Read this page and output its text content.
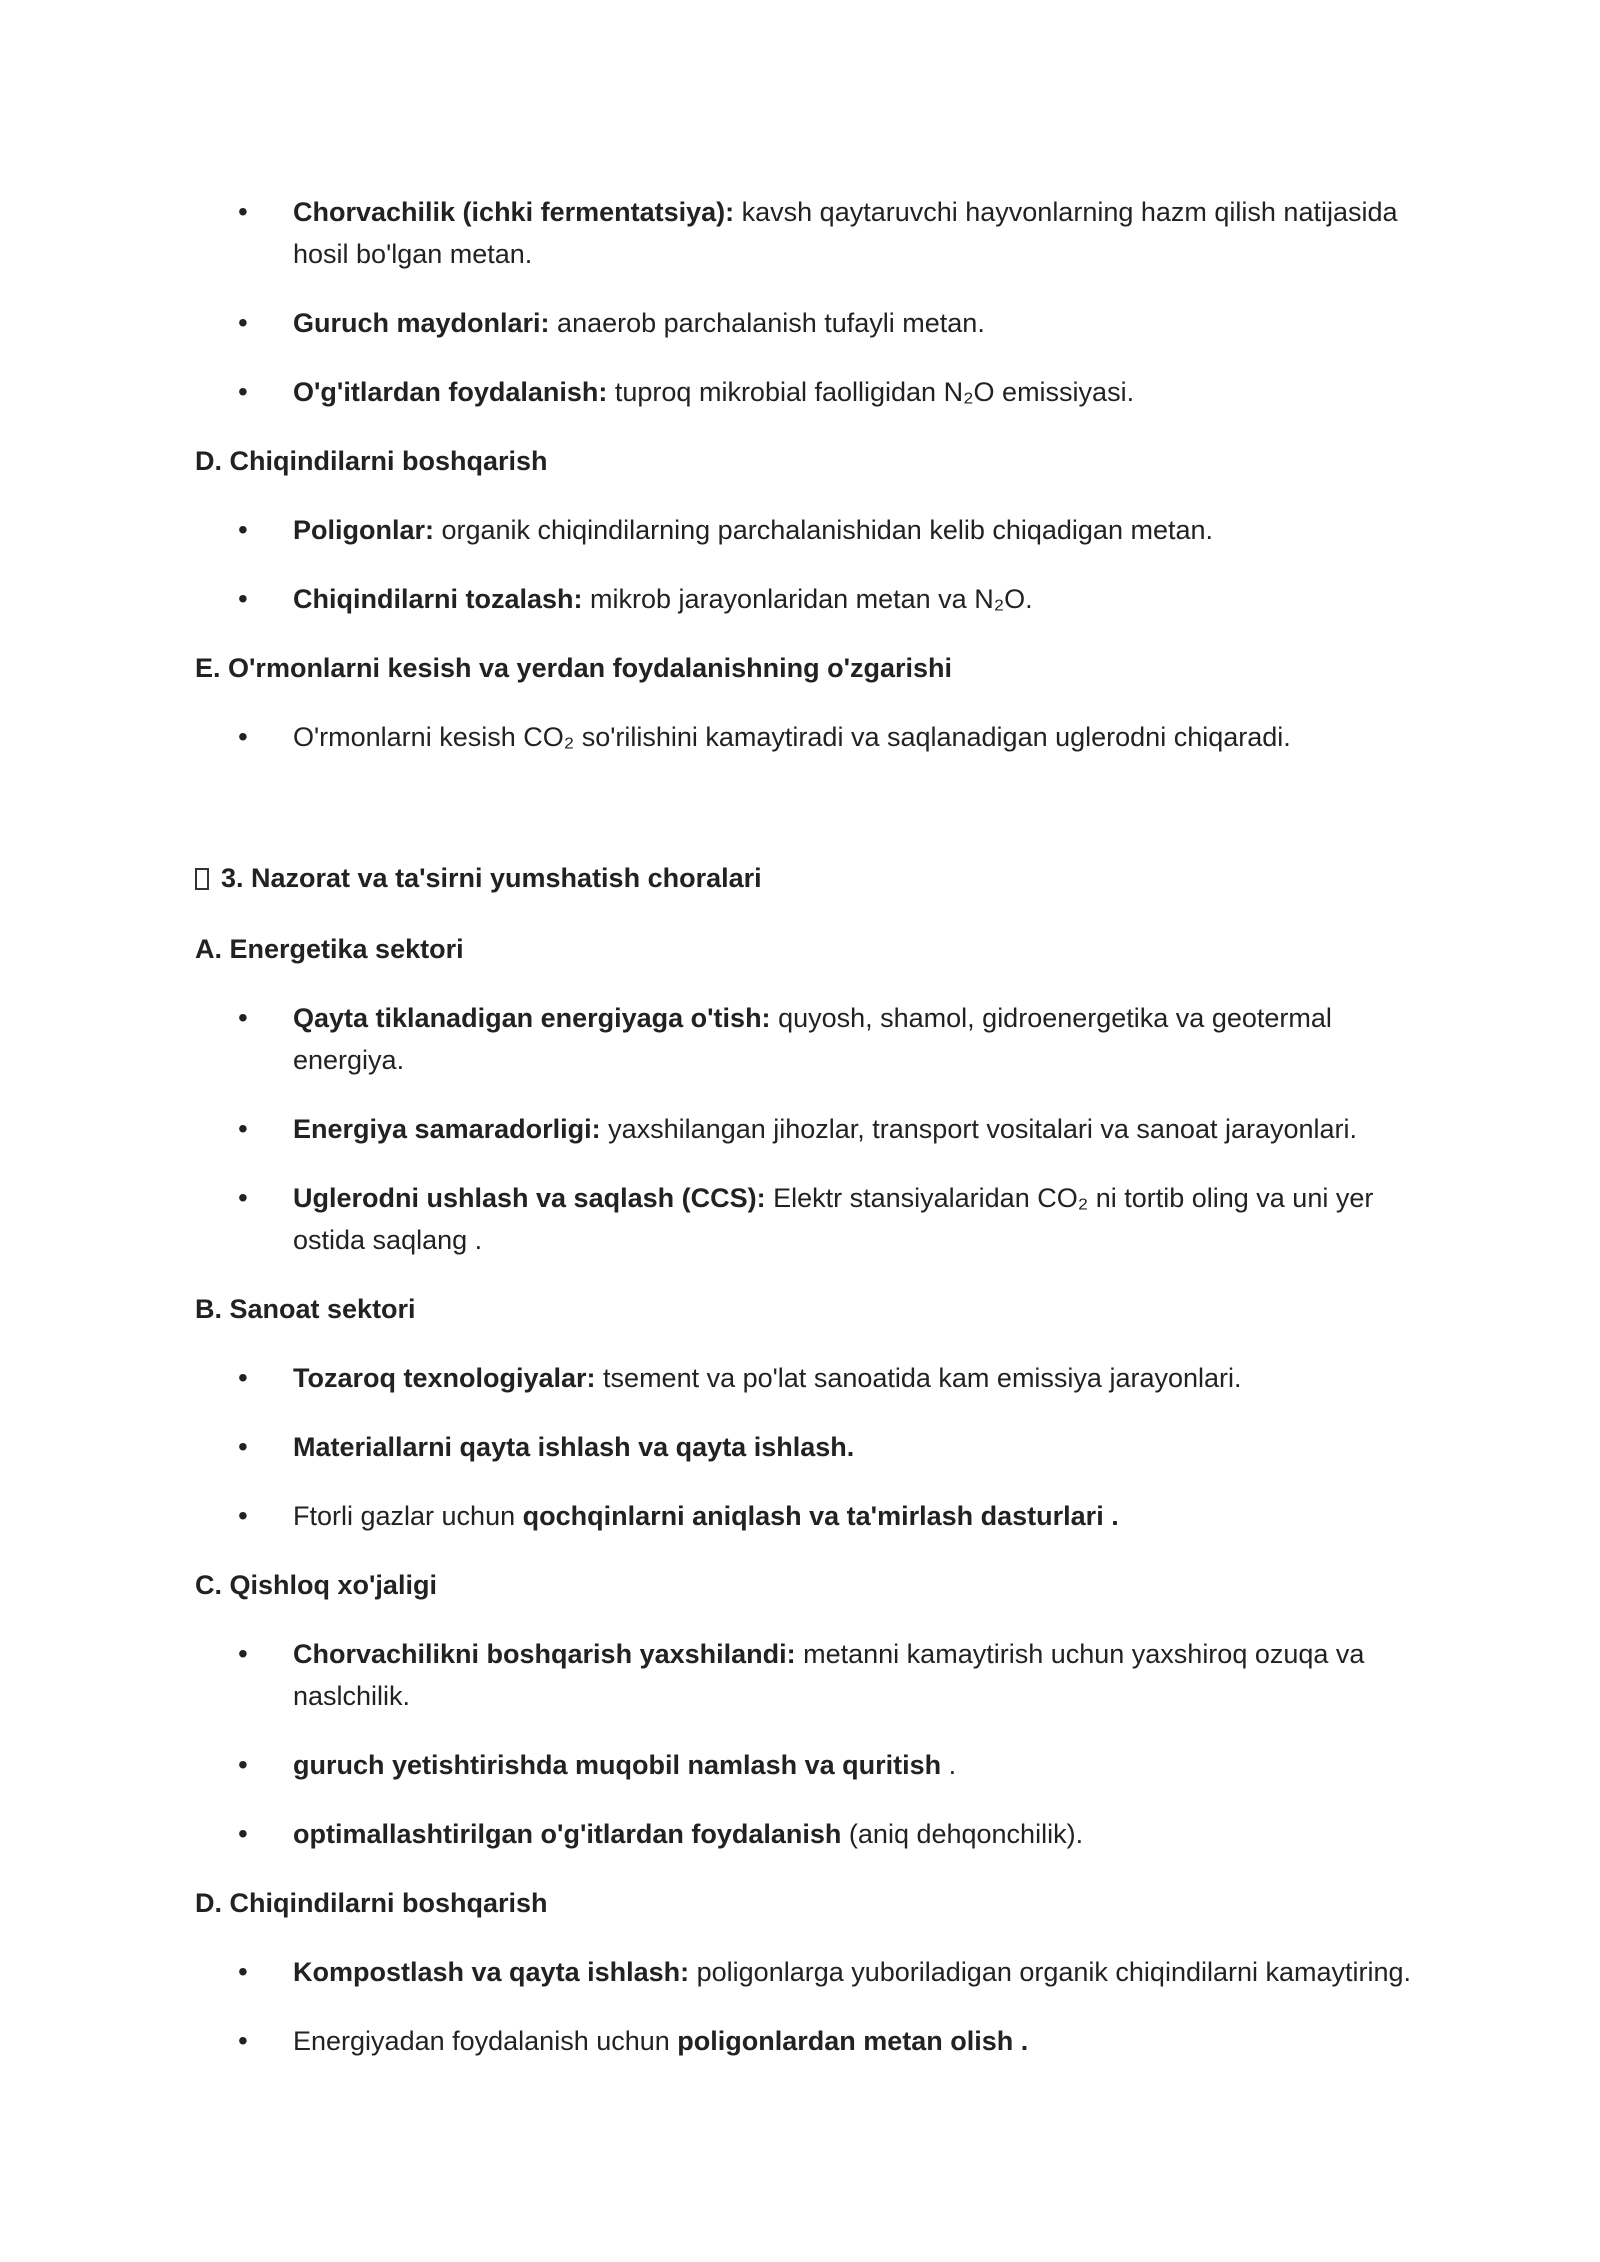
• Chorvachilik (ichki fermentatsiya): kavsh qaytaruvchi hayvonlarning hazm qilish natijasida hosil bo'lgan metan.
• Guruch maydonlari: anaerob parchalanish tufayli metan.
• O'g'itlardan foydalanish: tuproq mikrobial faolligidan N₂O emissiyasi.
D. Chiqindilarni boshqarish
• Poligonlar: organik chiqindilarning parchalanishidan kelib chiqadigan metan.
• Chiqindilarni tozalash: mikrob jarayonlaridan metan va N₂O.
E. O'rmonlarni kesish va yerdan foydalanishning o'zgarishi
• O'rmonlarni kesish CO₂ so'rilishini kamaytiradi va saqlanadigan uglerodni chiqaradi.
3. Nazorat va ta'sirni yumshatish choralari
A. Energetika sektori
• Qayta tiklanadigan energiyaga o'tish: quyosh, shamol, gidroenergetika va geotermal energiya.
• Energiya samaradorligi: yaxshilangan jihozlar, transport vositalari va sanoat jarayonlari.
• Uglerodni ushlash va saqlash (CCS): Elektr stansiyalaridan CO₂ ni tortib oling va uni yer ostida saqlang .
B. Sanoat sektori
• Tozaroq texnologiyalar: tsement va po'lat sanoatida kam emissiya jarayonlari.
• Materiallarni qayta ishlash va qayta ishlash.
• Ftorli gazlar uchun qochqinlarni aniqlash va ta'mirlash dasturlari .
C. Qishloq xo'jaligi
• Chorvachilikni boshqarish yaxshilandi: metanni kamaytirish uchun yaxshiroq ozuqa va naslchilik.
• guruch yetishtirishda muqobil namlash va quritish .
• optimallashtirilgan o'g'itlardan foydalanish (aniq dehqonchilik).
D. Chiqindilarni boshqarish
• Kompostlash va qayta ishlash: poligonlarga yuboriladigan organik chiqindilarni kamaytiring.
• Energiyadan foydalanish uchun poligonlardan metan olish .
